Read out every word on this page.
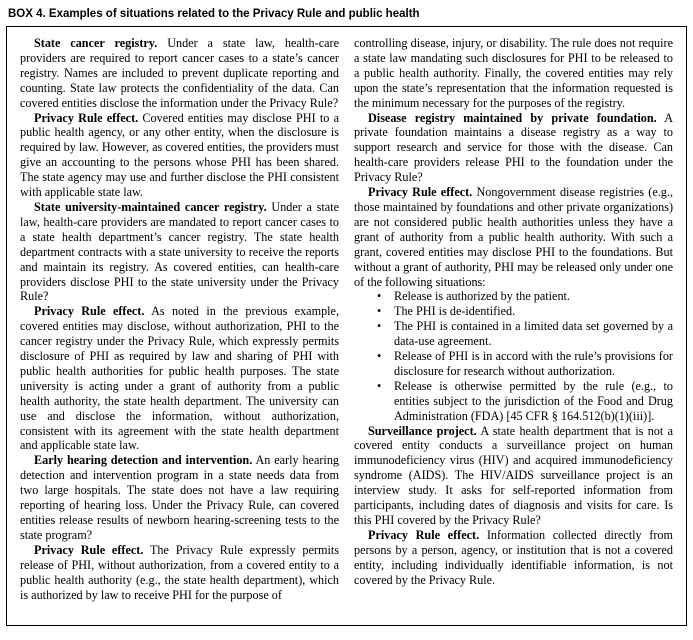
BOX 4. Examples of situations related to the Privacy Rule and public health

State cancer registry. Under a state law, health-care providers are required to report cancer cases to a state’s cancer registry. Names are included to prevent duplicate reporting and counting. State law protects the confidentiality of the data. Can covered entities disclose the information under the Privacy Rule?

Privacy Rule effect. Covered entities may disclose PHI to a public health agency, or any other entity, when the disclosure is required by law. However, as covered entities, the providers must give an accounting to the persons whose PHI has been shared. The state agency may use and further disclose the PHI consistent with applicable state law.

State university-maintained cancer registry. Under a state law, health-care providers are mandated to report cancer cases to a state health department’s cancer registry. The state health department contracts with a state university to receive the reports and maintain its registry. As covered entities, can health-care providers disclose PHI to the state university under the Privacy Rule?

Privacy Rule effect. As noted in the previous example, covered entities may disclose, without authorization, PHI to the cancer registry under the Privacy Rule, which expressly permits disclosure of PHI as required by law and sharing of PHI with public health authorities for public health purposes. The state university is acting under a grant of authority from a public health authority, the state health department. The university can use and disclose the information, without authorization, consistent with its agreement with the state health department and applicable state law.

Early hearing detection and intervention. An early hearing detection and intervention program in a state needs data from two large hospitals. The state does not have a law requiring reporting of hearing loss. Under the Privacy Rule, can covered entities release results of newborn hearing-screening tests to the state program?

Privacy Rule effect. The Privacy Rule expressly permits release of PHI, without authorization, from a covered entity to a public health authority (e.g., the state health department), which is authorized by law to receive PHI for the purpose of

controlling disease, injury, or disability. The rule does not require a state law mandating such disclosures for PHI to be released to a public health authority. Finally, the covered entities may rely upon the state’s representation that the information requested is the minimum necessary for the purposes of the registry.

Disease registry maintained by private foundation. A private foundation maintains a disease registry as a way to support research and service for those with the disease. Can health-care providers release PHI to the foundation under the Privacy Rule?

Privacy Rule effect. Nongovernment disease registries (e.g., those maintained by foundations and other private organizations) are not considered public health authorities unless they have a grant of authority from a public health authority. With such a grant, covered entities may disclose PHI to the foundations. But without a grant of authority, PHI may be released only under one of the following situations:

• Release is authorized by the patient.
• The PHI is de-identified.
• The PHI is contained in a limited data set governed by a data-use agreement.
• Release of PHI is in accord with the rule’s provisions for disclosure for research without authorization.
• Release is otherwise permitted by the rule (e.g., to entities subject to the jurisdiction of the Food and Drug Administration (FDA) [45 CFR § 164.512(b)(1)(iii)].

Surveillance project. A state health department that is not a covered entity conducts a surveillance project on human immunodeficiency virus (HIV) and acquired immunodeficiency syndrome (AIDS). The HIV/AIDS surveillance project is an interview study. It asks for self-reported information from participants, including dates of diagnosis and visits for care. Is this PHI covered by the Privacy Rule?

Privacy Rule effect. Information collected directly from persons by a person, agency, or institution that is not a covered entity, including individually identifiable information, is not covered by the Privacy Rule.
